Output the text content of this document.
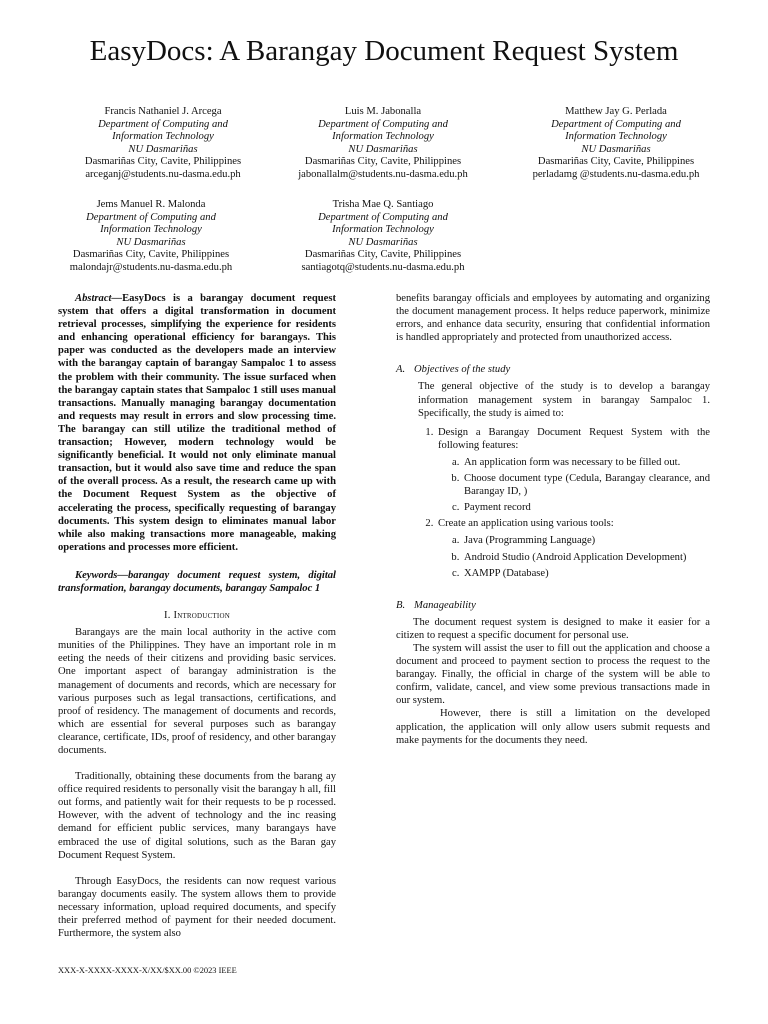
EasyDocs: A Barangay Document Request System
Francis Nathaniel J. Arcega
Department of Computing and
Information Technology
NU Dasmariñas
Dasmariñas City, Cavite, Philippines
arceganj@students.nu-dasma.edu.ph
Luis M. Jabonalla
Department of Computing and
Information Technology
NU Dasmariñas
Dasmariñas City, Cavite, Philippines
jabonallalm@students.nu-dasma.edu.ph
Matthew Jay G. Perlada
Department of Computing and
Information Technology
NU Dasmariñas
Dasmariñas City, Cavite, Philippines
perladamg @students.nu-dasma.edu.ph
Jems Manuel R. Malonda
Department of Computing and
Information Technology
NU Dasmariñas
Dasmariñas City, Cavite, Philippines
malondajr@students.nu-dasma.edu.ph
Trisha Mae Q. Santiago
Department of Computing and
Information Technology
NU Dasmariñas
Dasmariñas City, Cavite, Philippines
santiagotq@students.nu-dasma.edu.ph

Abstract—EasyDocs is a barangay document request system that offers a digital transformation in document retrieval processes, simplifying the experience for residents and enhancing operational efficiency for barangays. This paper was conducted as the developers made an interview with the barangay captain of barangay Sampaloc 1 to assess the problem with their community. The issue surfaced when the barangay captain states that Sampaloc 1 still uses manual transactions. Manually managing barangay documentation and requests may result in errors and slow processing time. The barangay can still utilize the traditional method of transaction; However, modern technology would be significantly beneficial. It would not only eliminate manual transaction, but it would also save time and reduce the span of the overall process. As a result, the research came up with the Document Request System as the objective of accelerating the process, specifically requesting of barangay documents. This system design to eliminates manual labor while also making transactions more manageable, making operations and processes more efficient.

Keywords—barangay document request system, digital transformation, barangay documents, barangay Sampaloc 1

I. Introduction

Barangays are the main local authority in the active com munities of the Philippines. They have an important role in m eeting the needs of their citizens and providing basic services. One important aspect of barangay administration is the management of documents and records, which are necessary for various purposes such as legal transactions, certifications, and proof of residency. The management of documents and records, which are essential for several purposes such as barangay clearance, certificate, IDs, proof of residency, and other barangay documents.

Traditionally, obtaining these documents from the barang ay office required residents to personally visit the barangay h all, fill out forms, and patiently wait for their requests to be p rocessed. However, with the advent of technology and the inc reasing demand for efficient public services, many barangays have embraced the use of digital solutions, such as the Baran gay Document Request System.

Through EasyDocs, the residents can now request various barangay documents easily. The system allows them to provide necessary information, upload required documents, and specify their preferred method of payment for their needed document. Furthermore, the system also

benefits barangay officials and employees by automating and organizing the document management process. It helps reduce paperwork, minimize errors, and enhance data security, ensuring that confidential information is handled appropriately and protected from unauthorized access.

A. Objectives of the study

The general objective of the study is to develop a barangay information management system in barangay Sampaloc 1. Specifically, the study is aimed to:

1. Design a Barangay Document Request System with the following features:
a. An application form was necessary to be filled out.
b. Choose document type (Cedula, Barangay clearance, and Barangay ID, )
c. Payment record
2. Create an application using various tools:
a. Java (Programming Language)
b. Android Studio (Android Application Development)
c. XAMPP (Database)
B. Manageability

The document request system is designed to make it easier for a citizen to request a specific document for personal use.

The system will assist the user to fill out the application and choose a document and proceed to payment section to process the request to the barangay. Finally, the official in charge of the system will be able to confirm, validate, cancel, and view some previous transactions made in our system.

However, there is still a limitation on the developed application, the application will only allow users submit requests and make payments for the documents they need.

XXX-X-XXXX-XXXX-X/XX/$XX.00 ©2023 IEEE
